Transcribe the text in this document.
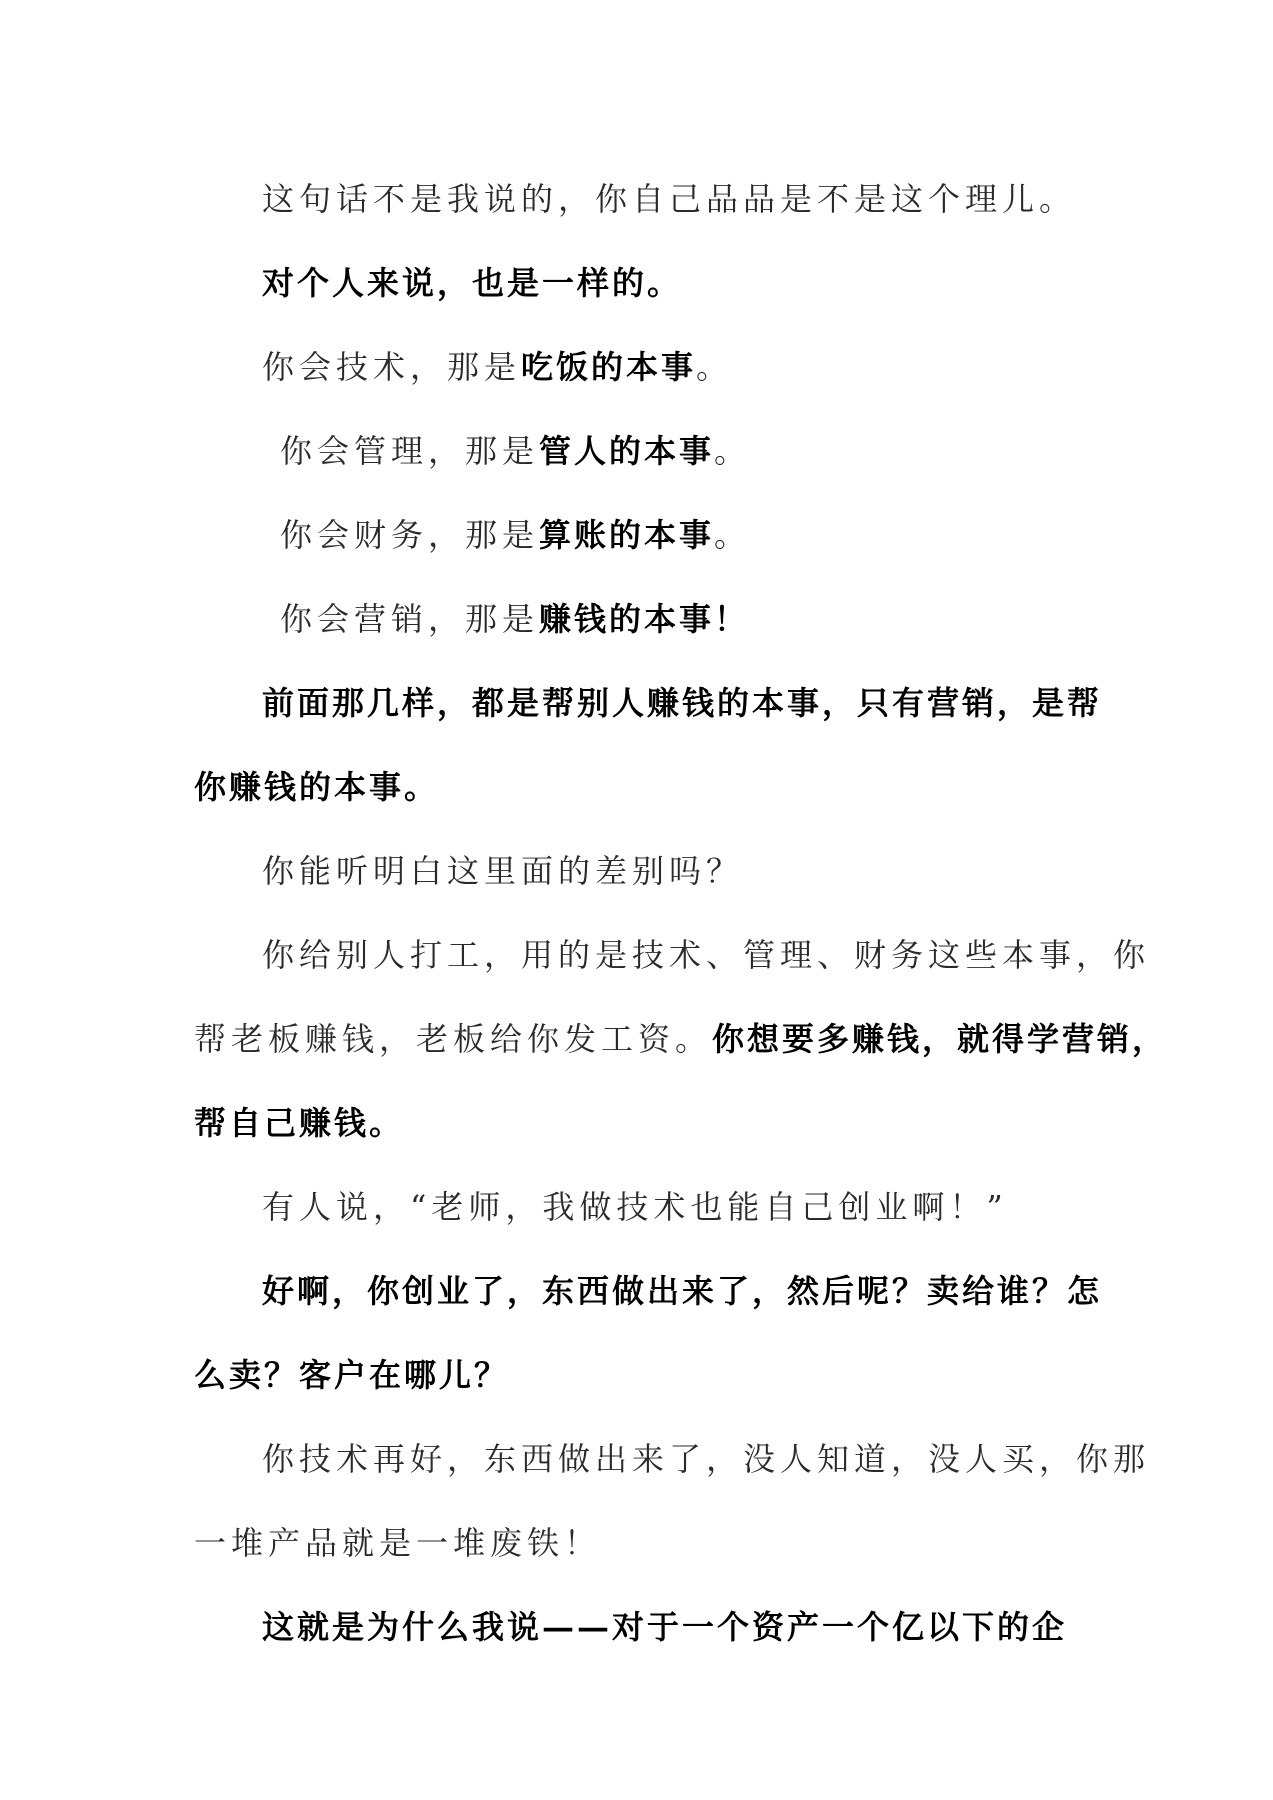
这句话不是我说的，你自己品品是不是这个理儿。
对个人来说，也是一样的。
你会技术，那是吃饭的本事。
你会管理，那是管人的本事。
你会财务，那是算账的本事。
你会营销，那是赚钱的本事！
前面那几样，都是帮别人赚钱的本事，只有营销，是帮
你赚钱的本事。
你能听明白这里面的差别吗？
你给别人打工，用的是技术、管理、财务这些本事，你
帮老板赚钱，老板给你发工资。你想要多赚钱，就得学营销，
帮自己赚钱。
有人说，“老师，我做技术也能自己创业啊！”
好啊，你创业了，东西做出来了，然后呢？卖给谁？怎
么卖？客户在哪儿？
你技术再好，东西做出来了，没人知道，没人买，你那
一堆产品就是一堆废铁！
这就是为什么我说——对于一个资产一个亿以下的企
